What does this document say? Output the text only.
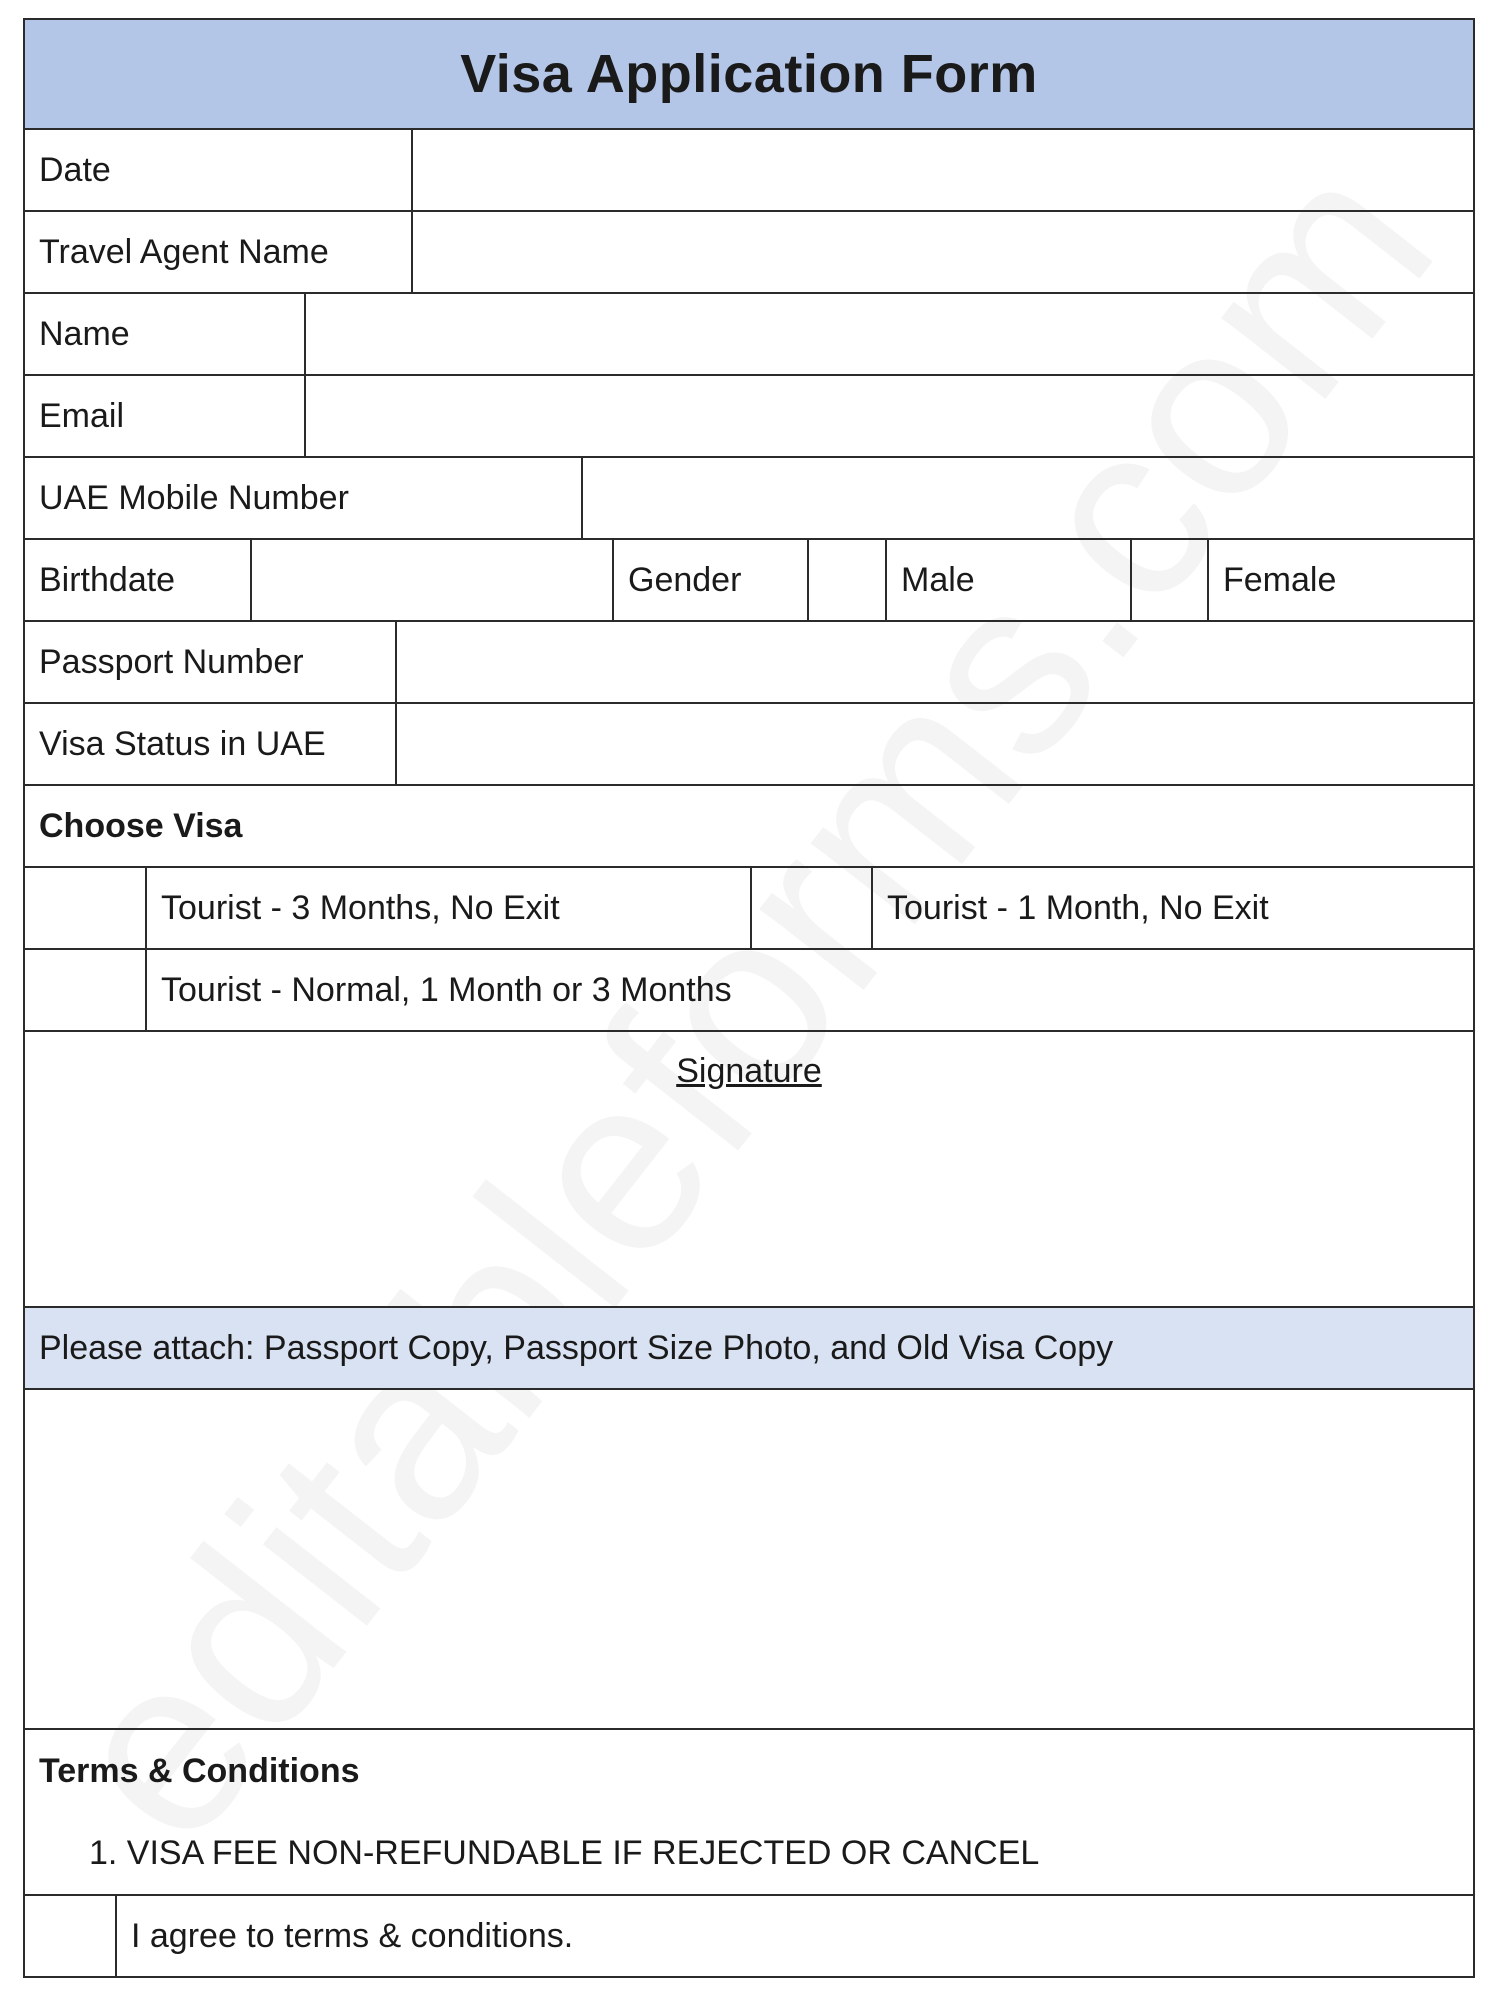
Visa Application Form
Date
Travel Agent Name
Name
Email
UAE Mobile Number
Birthdate	Gender	Male	Female
Passport Number
Visa Status in UAE
Choose Visa
Tourist - 3 Months, No Exit	Tourist - 1 Month, No Exit
Tourist - Normal, 1 Month or 3 Months
Signature
Please attach: Passport Copy, Passport Size Photo, and Old Visa Copy
Terms & Conditions
1. VISA FEE NON-REFUNDABLE IF REJECTED OR CANCEL
I agree to terms & conditions.
